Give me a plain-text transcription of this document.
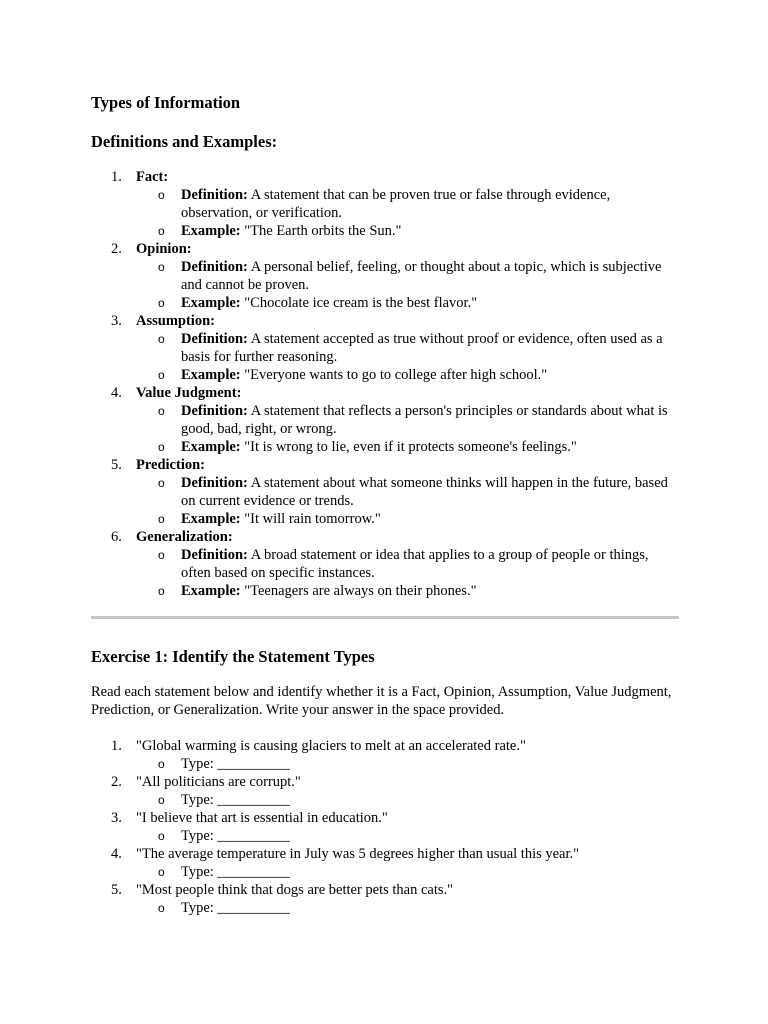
Types of Information
Definitions and Examples:
1. Fact:
o Definition: A statement that can be proven true or false through evidence, observation, or verification.
o Example: "The Earth orbits the Sun."
2. Opinion:
o Definition: A personal belief, feeling, or thought about a topic, which is subjective and cannot be proven.
o Example: "Chocolate ice cream is the best flavor."
3. Assumption:
o Definition: A statement accepted as true without proof or evidence, often used as a basis for further reasoning.
o Example: "Everyone wants to go to college after high school."
4. Value Judgment:
o Definition: A statement that reflects a person's principles or standards about what is good, bad, right, or wrong.
o Example: "It is wrong to lie, even if it protects someone's feelings."
5. Prediction:
o Definition: A statement about what someone thinks will happen in the future, based on current evidence or trends.
o Example: "It will rain tomorrow."
6. Generalization:
o Definition: A broad statement or idea that applies to a group of people or things, often based on specific instances.
o Example: "Teenagers are always on their phones."
Exercise 1: Identify the Statement Types

Read each statement below and identify whether it is a Fact, Opinion, Assumption, Value Judgment, Prediction, or Generalization. Write your answer in the space provided.

1. "Global warming is causing glaciers to melt at an accelerated rate."
o Type: __________
2. "All politicians are corrupt."
o Type: __________
3. "I believe that art is essential in education."
o Type: __________
4. "The average temperature in July was 5 degrees higher than usual this year."
o Type: __________
5. "Most people think that dogs are better pets than cats."
o Type: __________
